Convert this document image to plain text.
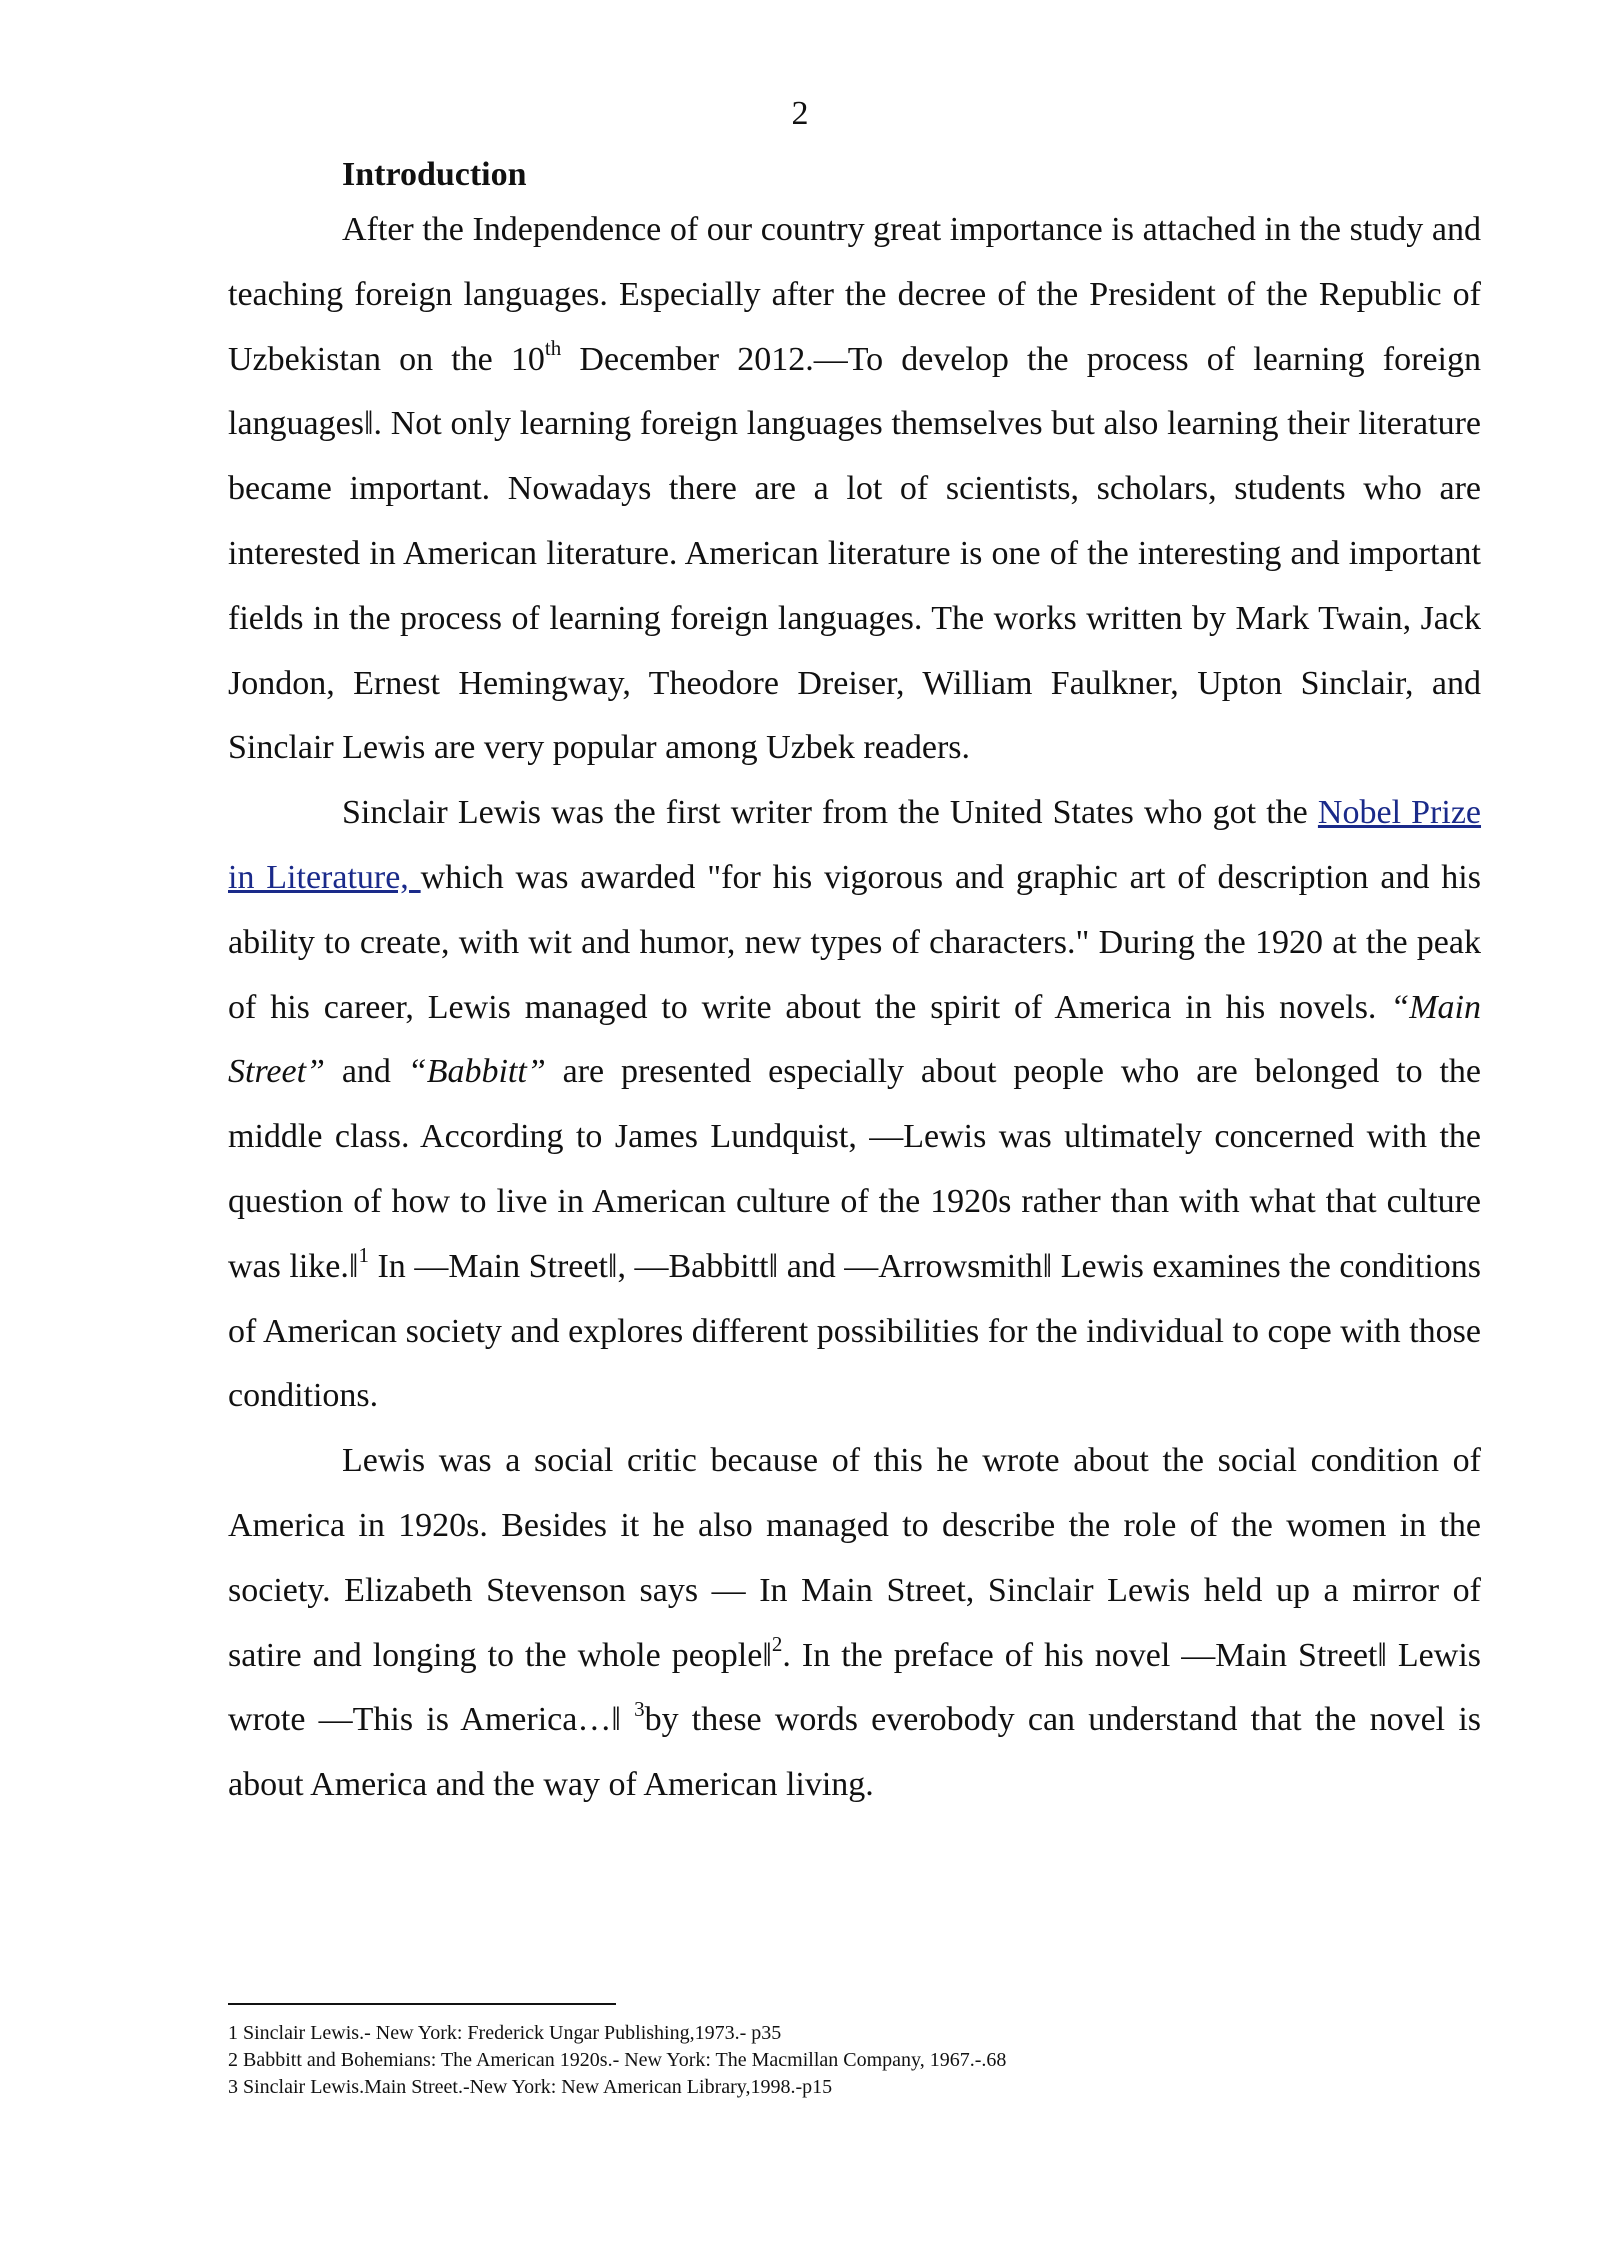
2

Introduction

After the Independence of our country great importance is attached in the study and teaching foreign languages. Especially after the decree of the President of the Republic of Uzbekistan on the 10th December 2012.—To develop the process of learning foreign languages‖. Not only learning foreign languages themselves but also learning their literature became important. Nowadays there are a lot of scientists, scholars, students who are interested in American literature. American literature is one of the interesting and important fields in the process of learning foreign languages. The works written by Mark Twain, Jack Jondon, Ernest Hemingway, Theodore Dreiser, William Faulkner, Upton Sinclair, and Sinclair Lewis are very popular among Uzbek readers.

Sinclair Lewis was the first writer from the United States who got the Nobel Prize in Literature, which was awarded "for his vigorous and graphic art of description and his ability to create, with wit and humor, new types of characters." During the 1920 at the peak of his career, Lewis managed to write about the spirit of America in his novels. “Main Street” and “Babbitt” are presented especially about people who are belonged to the middle class. According to James Lundquist, —Lewis was ultimately concerned with the question of how to live in American culture of the 1920s rather than with what that culture was like.‖$^1$ In —Main Street‖, —Babbitt‖ and —Arrowsmith‖ Lewis examines the conditions of American society and explores different possibilities for the individual to cope with those conditions.

Lewis was a social critic because of this he wrote about the social condition of America in 1920s. Besides it he also managed to describe the role of the women in the society. Elizabeth Stevenson says — In Main Street, Sinclair Lewis held up a mirror of satire and longing to the whole people‖$^2$. In the preface of his novel —Main Street‖ Lewis wrote —This is America…‖ $^3$by these words everobody can understand that the novel is about America and the way of American living.

1 Sinclair Lewis.- New York: Frederick Ungar Publishing,1973.- p35
2 Babbitt and Bohemians: The American 1920s.- New York: The Macmillan Company, 1967.-.68
3 Sinclair Lewis.Main Street.-New York: New American Library,1998.-p15
